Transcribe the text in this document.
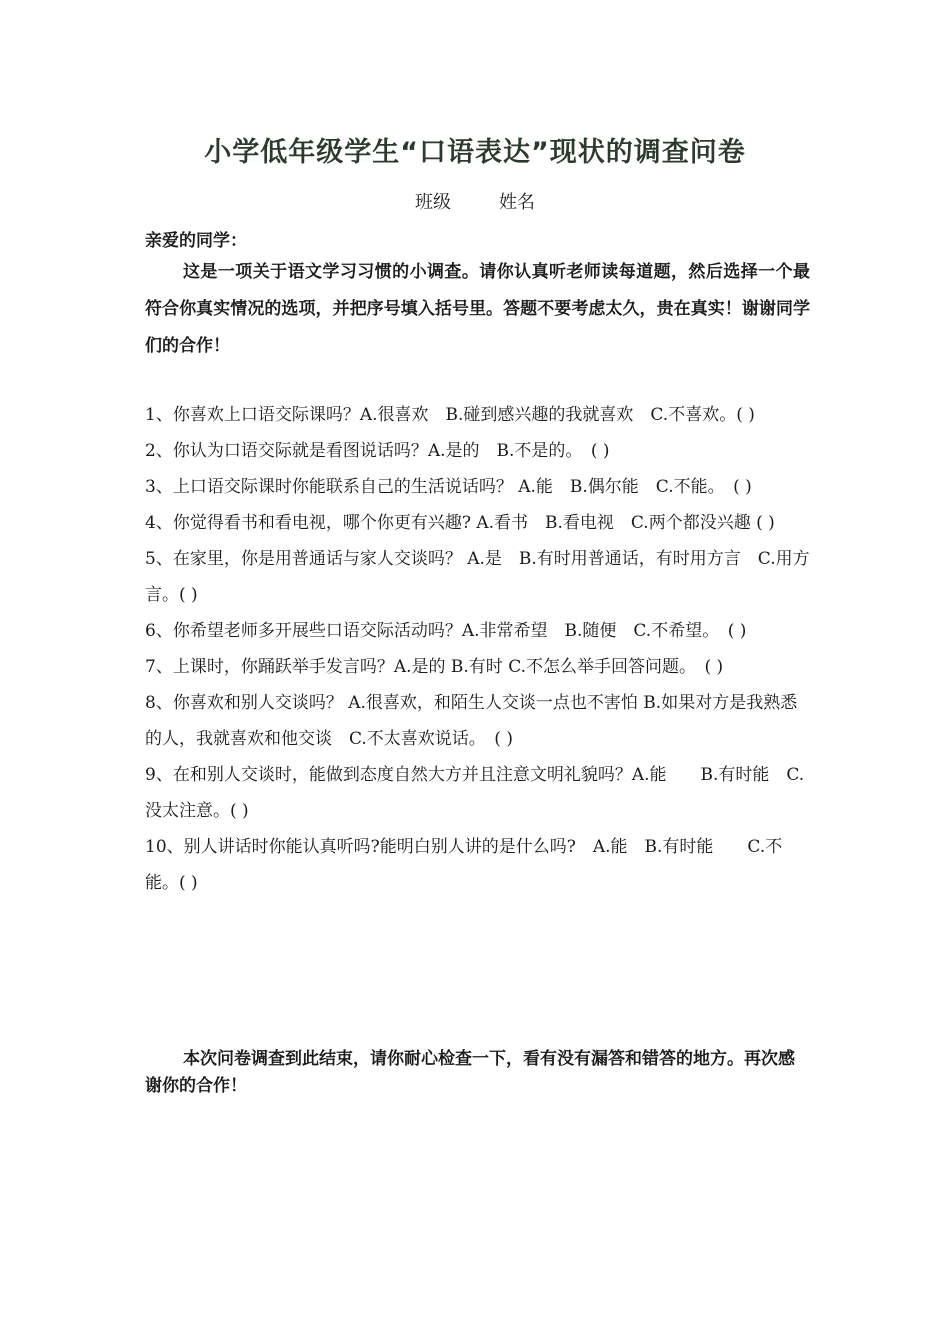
小学低年级学生“口语表达”现状的调查问卷
班级	姓名
亲爱的同学：
这是一项关于语文学习习惯的小调查。请你认真听老师读每道题，然后选择一个最符合你真实情况的选项，并把序号填入括号里。答题不要考虑太久，贵在真实！谢谢同学们的合作！
1、你喜欢上口语交际课吗？A.很喜欢　B.碰到感兴趣的我就喜欢　C.不喜欢。( )
2、你认为口语交际就是看图说话吗？A.是的　B.不是的。　( )
3、上口语交际课时你能联系自己的生活说话吗？ A.能　B.偶尔能　C.不能。　( )
4、你觉得看书和看电视，哪个你更有兴趣? A.看书　B.看电视　C.两个都没兴趣 ( )
5、在家里，你是用普通话与家人交谈吗？ A.是　B.有时用普通话，有时用方言　C.用方言。( )
6、你希望老师多开展些口语交际活动吗？A.非常希望　B.随便　C.不希望。　( )
7、上课时，你踊跃举手发言吗？A.是的 B.有时 C.不怎么举手回答问题。　( )
8、你喜欢和别人交谈吗？ A.很喜欢，和陌生人交谈一点也不害怕 B.如果对方是我熟悉的人，我就喜欢和他交谈　C.不太喜欢说话。　( )
9、在和别人交谈时，能做到态度自然大方并且注意文明礼貌吗？A.能　　B.有时能　C.没太注意。( )
10、别人讲话时你能认真听吗?能明白别人讲的是什么吗?　A.能　B.有时能　　C.不能。( )
本次问卷调查到此结束，请你耐心检查一下，看有没有漏答和错答的地方。再次感谢你的合作！
